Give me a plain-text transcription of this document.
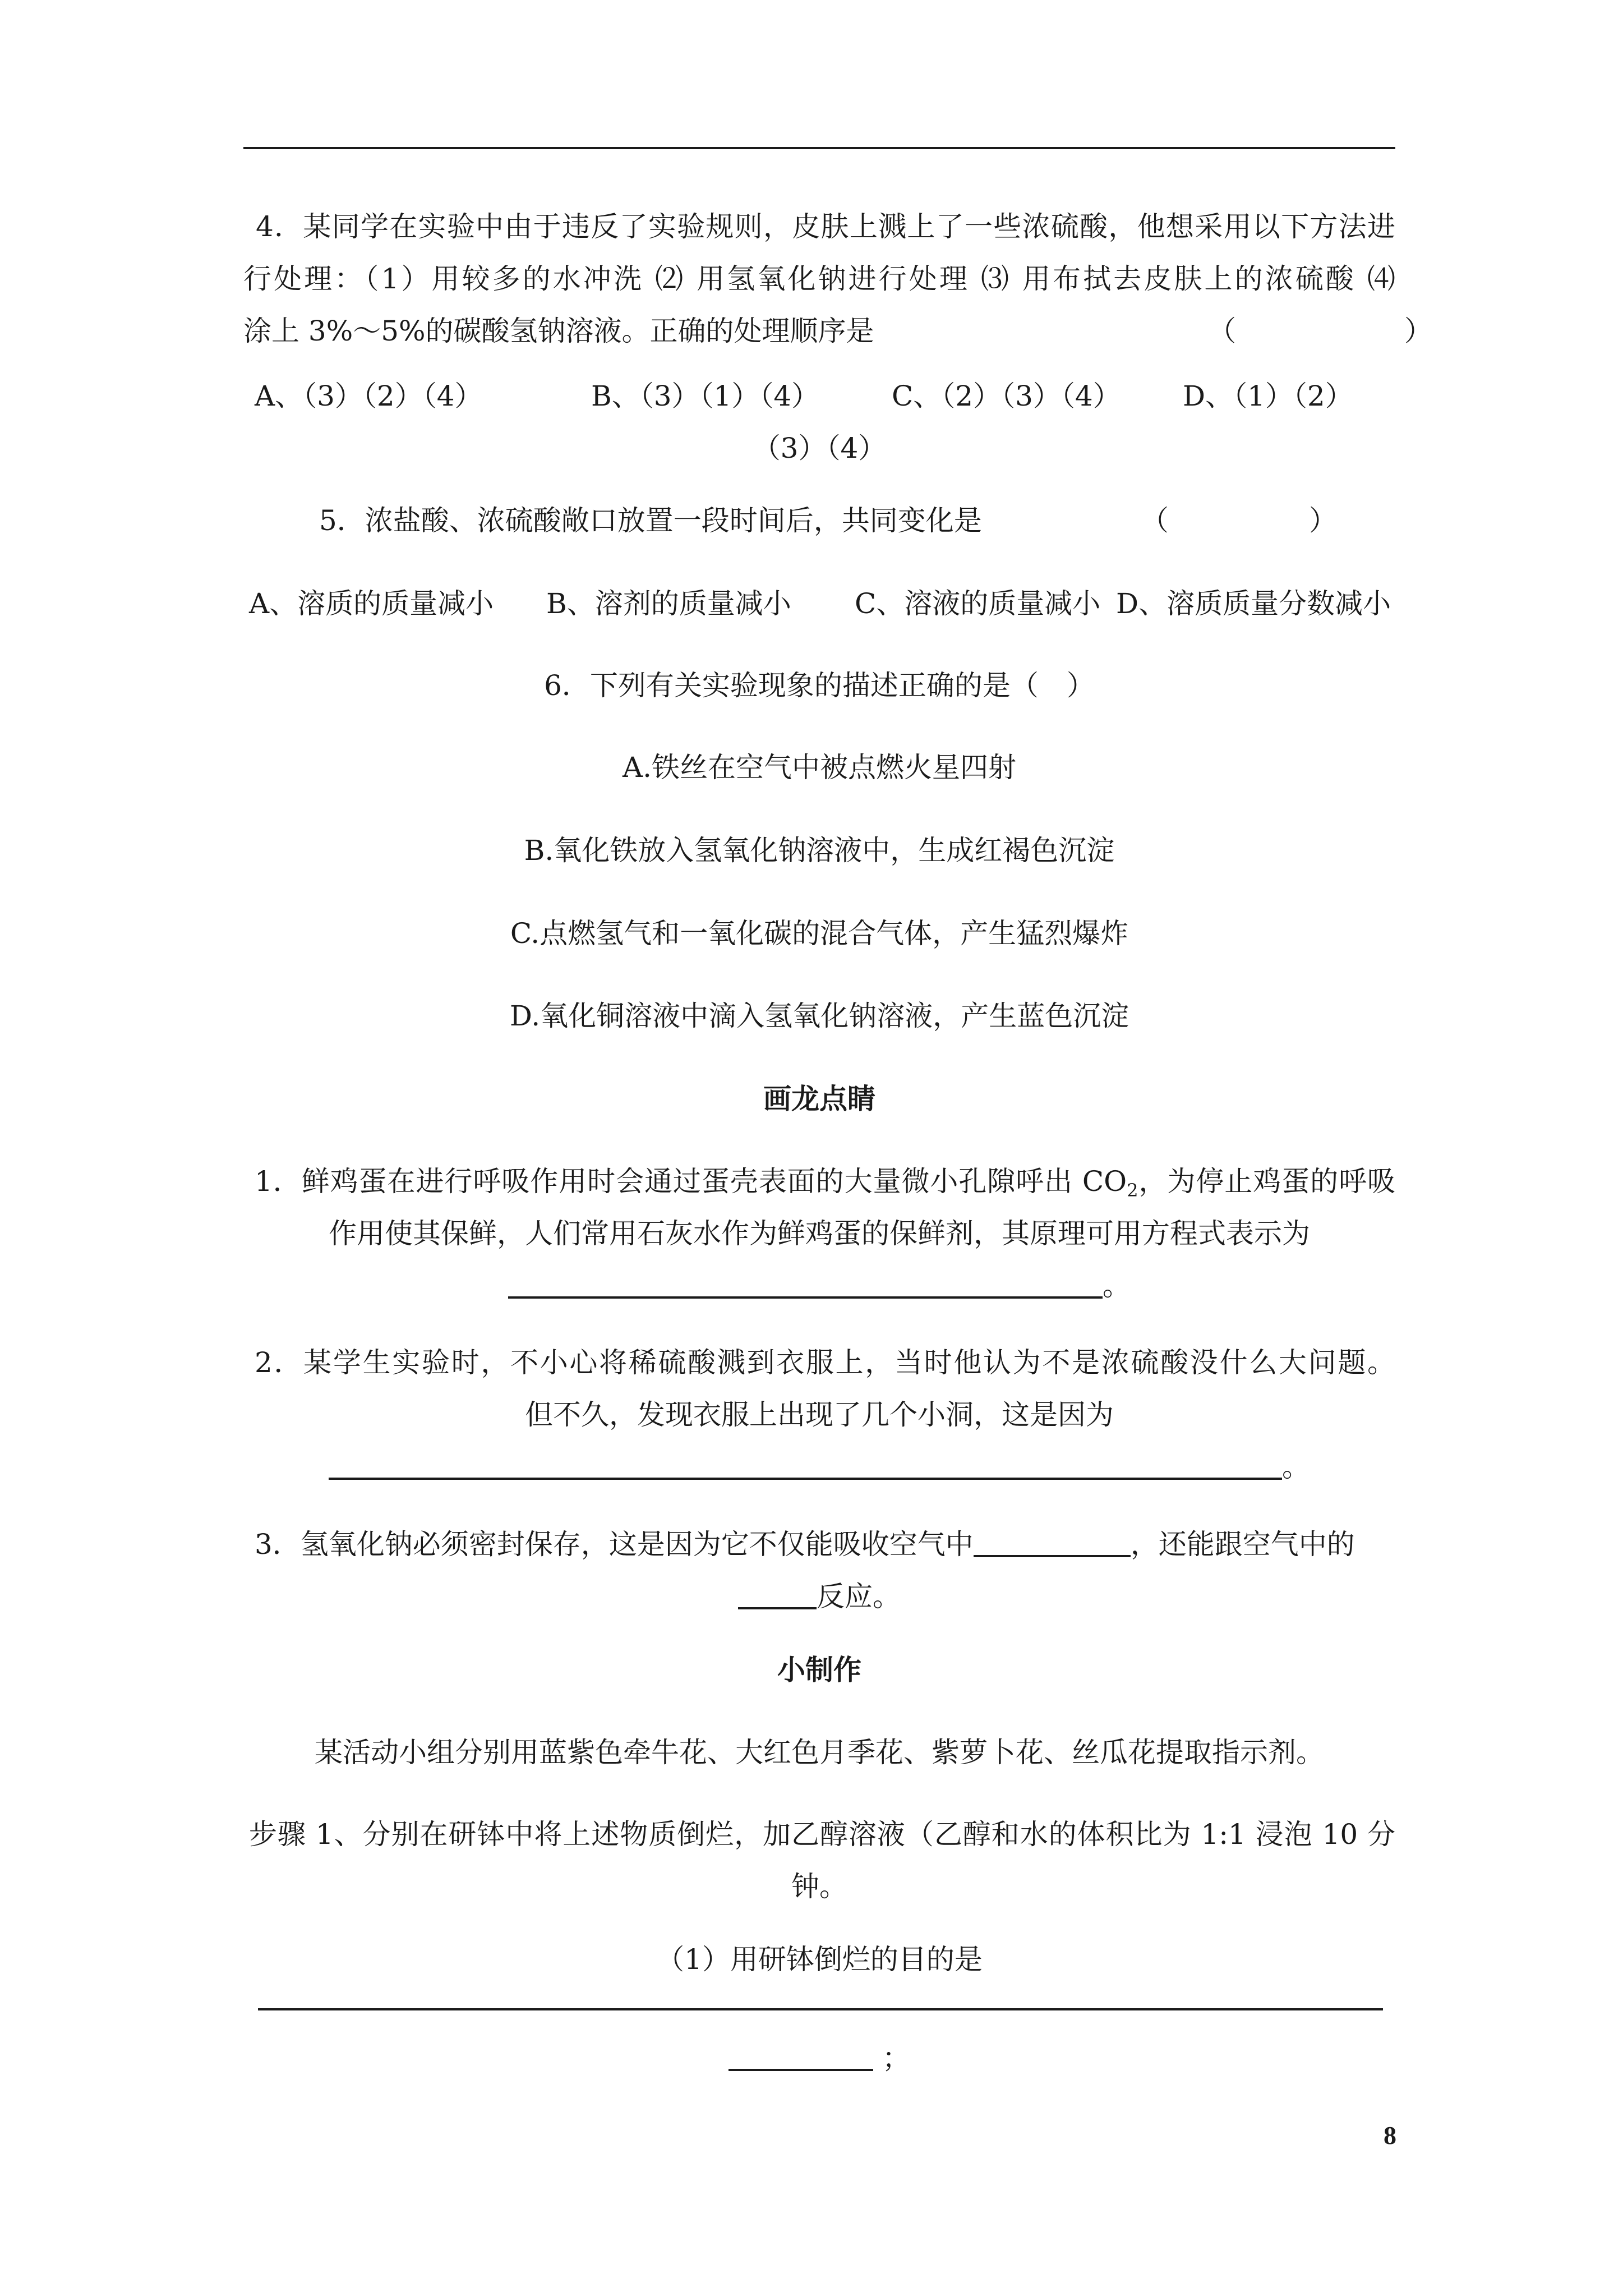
4．某同学在实验中由于违反了实验规则，皮肤上溅上了一些浓硫酸，他想采用以下方法进
行处理：（1）用较多的水冲洗 ⑵ 用氢氧化钠进行处理 ⑶ 用布拭去皮肤上的浓硫酸 ⑷
涂上 3%～5%的碳酸氢钠溶液。正确的处理顺序是	（　　　　　　）
A、（3）（2）（4）	B、（3）（1）（4）	C、（2）（3）（4） D、（1）（2）
（3）（4）
5．浓盐酸、浓硫酸敞口放置一段时间后，共同变化是	（　　　　　）
A、溶质的质量减小 B、溶剂的质量减小 C、溶液的质量减小 D、溶质质量分数减小
6．下列有关实验现象的描述正确的是（　）
A.铁丝在空气中被点燃火星四射
B.氧化铁放入氢氧化钠溶液中，生成红褐色沉淀
C.点燃氢气和一氧化碳的混合气体，产生猛烈爆炸
D.氧化铜溶液中滴入氢氧化钠溶液，产生蓝色沉淀
画龙点睛
1．鲜鸡蛋在进行呼吸作用时会通过蛋壳表面的大量微小孔隙呼出 $CO_2$，为停止鸡蛋的呼吸
作用使其保鲜，人们常用石灰水作为鲜鸡蛋的保鲜剂，其原理可用方程式表示为
。
2．某学生实验时，不小心将稀硫酸溅到衣服上，当时他认为不是浓硫酸没什么大问题。
但不久，发现衣服上出现了几个小洞，这是因为
。
3．氢氧化钠必须密封保存，这是因为它不仅能吸收空气中	，还能跟空气中的
反应。
小制作
某活动小组分别用蓝紫色牵牛花、大红色月季花、紫萝卜花、丝瓜花提取指示剂。
步骤 1、分别在研钵中将上述物质倒烂，加乙醇溶液（乙醇和水的体积比为 1:1 浸泡 10 分
钟。
（1）用研钵倒烂的目的是
；
8
